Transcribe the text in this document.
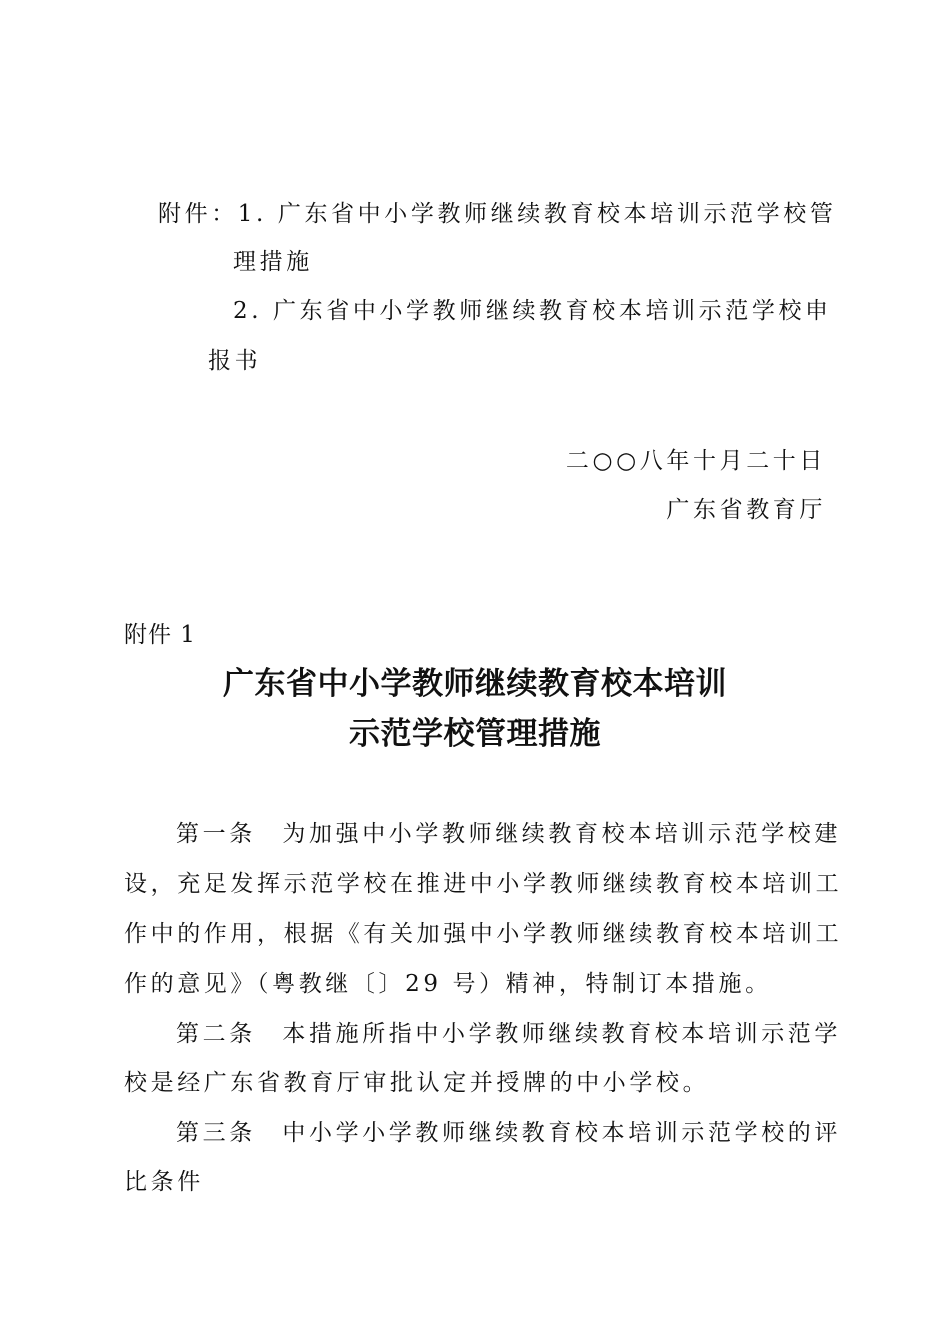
附件：1. 广东省中小学教师继续教育校本培训示范学校管
理措施
2. 广东省中小学教师继续教育校本培训示范学校申
报书
二○○八年十月二十日
广东省教育厅
附件 1
广东省中小学教师继续教育校本培训
示范学校管理措施
第一条　为加强中小学教师继续教育校本培训示范学校建
设，充足发挥示范学校在推进中小学教师继续教育校本培训工
作中的作用，根据《有关加强中小学教师继续教育校本培训工
作的意见》（粤教继〔〕29 号）精神，特制订本措施。
第二条　本措施所指中小学教师继续教育校本培训示范学
校是经广东省教育厅审批认定并授牌的中小学校。
第三条　中小学小学教师继续教育校本培训示范学校的评
比条件
